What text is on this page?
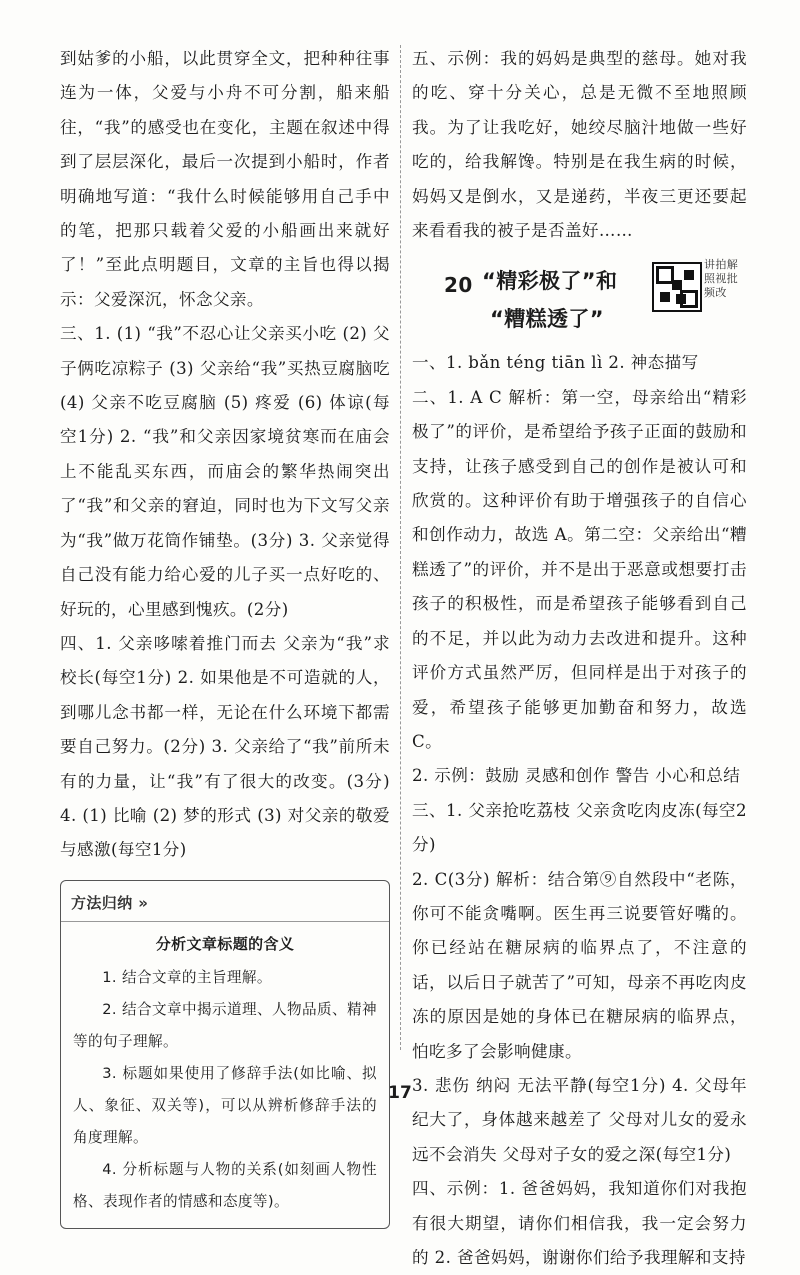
到姑爹的小船，以此贯穿全文，把种种往事连为一体，父爱与小舟不可分割，船来船往，“我”的感受也在变化，主题在叙述中得到了层层深化，最后一次提到小船时，作者明确地写道：“我什么时候能够用自己手中的笔，把那只载着父爱的小船画出来就好了！”至此点明题目，文章的主旨也得以揭示：父爱深沉，怀念父亲。

三、1. (1) “我”不忍心让父亲买小吃 (2) 父子俩吃凉粽子 (3) 父亲给“我”买热豆腐脑吃 (4) 父亲不吃豆腐脑 (5) 疼爱 (6) 体谅(每空1分) 2. “我”和父亲因家境贫寒而在庙会上不能乱买东西，而庙会的繁华热闹突出了“我”和父亲的窘迫，同时也为下文写父亲为“我”做万花筒作铺垫。(3分) 3. 父亲觉得自己没有能力给心爱的儿子买一点好吃的、好玩的，心里感到愧疚。(2分)

四、1. 父亲哆嗦着推门而去 父亲为“我”求校长(每空1分) 2. 如果他是不可造就的人，到哪儿念书都一样，无论在什么环境下都需要自己努力。(2分) 3. 父亲给了“我”前所未有的力量，让“我”有了很大的改变。(3分) 4. (1) 比喻 (2) 梦的形式 (3) 对父亲的敬爱与感激(每空1分)

方法归纳 »
分析文章标题的含义

1. 结合文章的主旨理解。

2. 结合文章中揭示道理、人物品质、精神等的句子理解。

3. 标题如果使用了修辞手法(如比喻、拟人、象征、双关等)，可以从辨析修辞手法的角度理解。

4. 分析标题与人物的关系(如刻画人物性格、表现作者的情感和态度等)。

五、示例：我的妈妈是典型的慈母。她对我的吃、穿十分关心，总是无微不至地照顾我。为了让我吃好，她绞尽脑汁地做一些好吃的，给我解馋。特别是在我生病的时候，妈妈又是倒水，又是递药，半夜三更还要起来看看我的被子是否盖好……

20 “精彩极了”和
“糟糕透了”
讲拍解照视批频改

一、1. bǎn téng tiān lì 2. 神态描写

二、1. A C 解析：第一空，母亲给出“精彩极了”的评价，是希望给予孩子正面的鼓励和支持，让孩子感受到自己的创作是被认可和欣赏的。这种评价有助于增强孩子的自信心和创作动力，故选 A。第二空：父亲给出“糟糕透了”的评价，并不是出于恶意或想要打击孩子的积极性，而是希望孩子能够看到自己的不足，并以此为动力去改进和提升。这种评价方式虽然严厉，但同样是出于对孩子的爱，希望孩子能够更加勤奋和努力，故选 C。

2. 示例：鼓励 灵感和创作 警告 小心和总结

三、1. 父亲抢吃荔枝 父亲贪吃肉皮冻(每空2分)

2. C(3分) 解析：结合第⑨自然段中“老陈，你可不能贪嘴啊。医生再三说要管好嘴的。你已经站在糖尿病的临界点了，不注意的话，以后日子就苦了”可知，母亲不再吃肉皮冻的原因是她的身体已在糖尿病的临界点，怕吃多了会影响健康。

3. 悲伤 纳闷 无法平静(每空1分) 4. 父母年纪大了，身体越来越差了 父母对儿女的爱永远不会消失 父母对子女的爱之深(每空1分)

四、示例：1. 爸爸妈妈，我知道你们对我抱有很大期望，请你们相信我，我一定会努力的 2. 爸爸妈妈，谢谢你们给予我理解和支持

17
